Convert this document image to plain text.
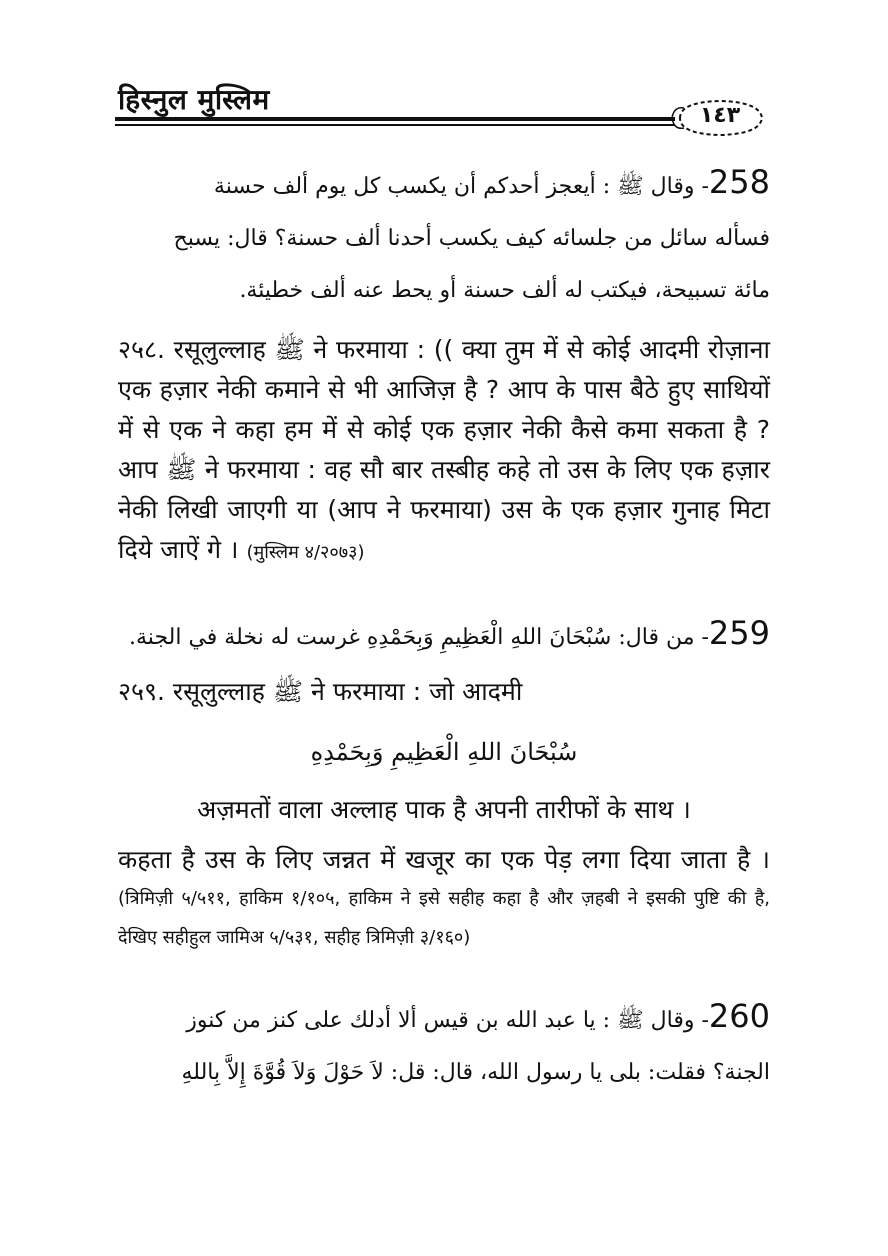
हिस्नुल मुस्लिम	١٤٣
258- وقال ﷺ : أيعجز أحدكم أن يكسب كل يوم ألف حسنة
فسأله سائل من جلسائه كيف يكسب أحدنا ألف حسنة؟ قال: يسبح
مائة تسبيحة، فيكتب له ألف حسنة أو يحط عنه ألف خطيئة.
२५८. रसूलुल्लाह ﷺ ने फरमाया : (( क्या तुम में से कोई आदमी रोज़ाना एक हज़ार नेकी कमाने से भी आजिज़ है ? आप के पास बैठे हुए साथियों में से एक ने कहा हम में से कोई एक हज़ार नेकी कैसे कमा सकता है ? आप ﷺ ने फरमाया : वह सौ बार तस्बीह कहे तो उस के लिए एक हज़ार नेकी लिखी जाएगी या (आप ने फरमाया) उस के एक हज़ार गुनाह मिटा दिये जाऐं गे । (मुस्लिम ४/२०७३)
259- من قال: سُبْحَانَ اللهِ الْعَظِيمِ وَبِحَمْدِهِ غرست له نخلة في الجنة.
२५९. रसूलुल्लाह ﷺ ने फरमाया : जो आदमी
سُبْحَانَ اللهِ الْعَظِيمِ وَبِحَمْدِهِ
अज़मतों वाला अल्लाह पाक है अपनी तारीफों के साथ ।
कहता है उस के लिए जन्नत में खजूर का एक पेड़ लगा दिया जाता है । (त्रिमिज़ी ५/५११, हाकिम १/१०५, हाकिम ने इसे सहीह कहा है और ज़हबी ने इसकी पुष्टि की है, देखिए सहीहुल जामिअ ५/५३१, सहीह त्रिमिज़ी ३/१६०)
260- وقال ﷺ : يا عبد الله بن قيس ألا أدلك على كنز من كنوز
الجنة؟ فقلت: بلى يا رسول الله، قال: قل: لاَ حَوْلَ وَلاَ قُوَّةَ إِلاَّ بِاللهِ
